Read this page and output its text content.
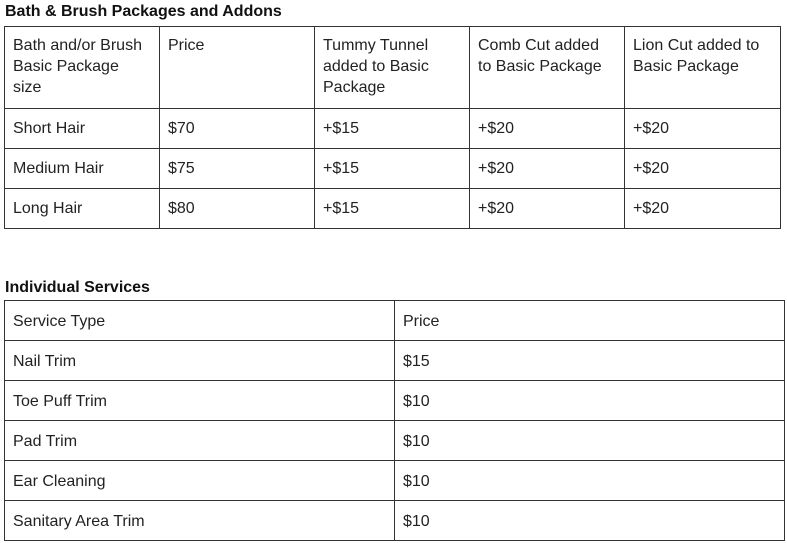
Bath & Brush Packages and Addons
Bath and/or Brush Basic Package size	Price	Tummy Tunnel added to Basic Package	Comb Cut added to Basic Package	Lion Cut added to Basic Package
Short Hair	$70	+$15	+$20	+$20
Medium Hair	$75	+$15	+$20	+$20
Long Hair	$80	+$15	+$20	+$20
Individual Services
Service Type	Price
Nail Trim	$15
Toe Puff Trim	$10
Pad Trim	$10
Ear Cleaning	$10
Sanitary Area Trim	$10
